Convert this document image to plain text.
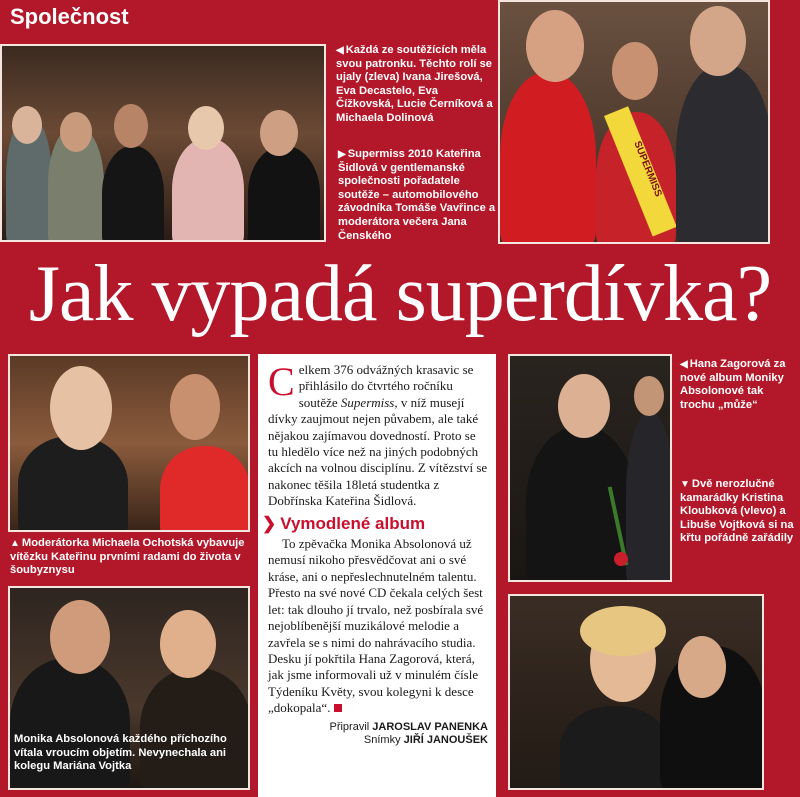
Společnost
◀ Každá ze soutěžících měla svou patronku. Těchto rolí se ujaly (zleva) Ivana Jirešová, Eva Decastelo, Eva Čížkovská, Lucie Černíková a Michaela Dolinová
▶ Supermiss 2010 Kateřina Šidlová v gentlemanské společnosti pořadatele soutěže – automobilového závodníka Tomáše Vavřince a moderátora večera Jana Čenského
SUPERMISS
Jak vypadá superdívka?
▲ Moderátorka Michaela Ochotská vybavuje vítězku Kateřinu prvními radami do života v šoubyznysu
Monika Absolonová každého příchozího vítala vroucím objetím. Nevynechala ani kolegu Mariána Vojtka

Celkem 376 odvážných krasavic se přihlásilo do čtvrtého ročníku soutěže Supermiss, v níž musejí dívky zaujmout nejen půvabem, ale také nějakou zajímavou dovedností. Proto se tu hledělo více než na jiných podobných akcích na volnou disciplínu. Z vítězství se nakonec těšila 18letá studentka z Dobřínska Kateřina Šidlová.

❯ Vymodlené album

To zpěvačka Monika Absolonová už nemusí nikoho přesvědčovat ani o své kráse, ani o nepřeslechnutelném talentu. Přesto na své nové CD čekala celých šest let: tak dlouho jí trvalo, než posbírala své nejoblíbenější muzikálové melodie a zavřela se s nimi do nahrávacího studia. Desku jí pokřtila Hana Zagorová, která, jak jsme informovali už v minulém čísle Týdeníku Květy, svou kolegyni k desce „dokopala“.

Připravil JAROSLAV PANENKA
Snímky JIŘÍ JANOUŠEK
◀ Hana Zagorová za nové album Moniky Absolonové tak trochu „může“
▼ Dvě nerozlučné kamarádky Kristina Kloubková (vlevo) a Libuše Vojtková si na křtu pořádně zařádily
